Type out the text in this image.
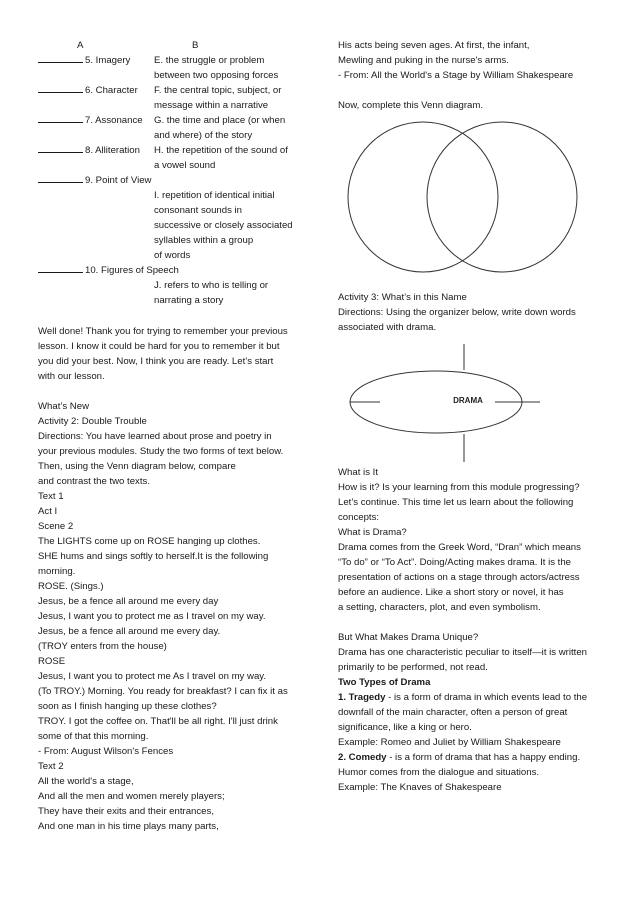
A	B
5. Imagery E. the struggle or problem
between two opposing forces
6. Character F. the central topic, subject, or
message within a narrative
7. Assonance G. the time and place (or when
and where) of the story
8. Alliteration H. the repetition of the sound of
a vowel sound
9. Point of View
I. repetition of identical initial
consonant sounds in
successive or closely associated
syllables within a group
of words
10. Figures of Speech
J. refers to who is telling or
narrating a story
Well done! Thank you for trying to remember your previous
lesson. I know it could be hard for you to remember it but
you did your best. Now, I think you are ready. Let’s start
with our lesson.
What’s New
Activity 2: Double Trouble
Directions: You have learned about prose and poetry in
your previous modules. Study the two forms of text below.
Then, using the Venn diagram below, compare
and contrast the two texts.
Text 1
Act I
Scene 2
The LIGHTS come up on ROSE hanging up clothes.
SHE hums and sings softly to herself.It is the following
morning.
ROSE. (Sings.)
Jesus, be a fence all around me every day
Jesus, I want you to protect me as I travel on my way.
Jesus, be a fence all around me every day.
(TROY enters from the house)
ROSE
Jesus, I want you to protect me As I travel on my way.
(To TROY.) Morning. You ready for breakfast? I can fix it as
soon as I finish hanging up these clothes?
TROY. I got the coffee on. That'll be all right. I'll just drink
some of that this morning.
- From: August Wilson's Fences
Text 2
All the world's a stage,
And all the men and women merely players;
They have their exits and their entrances,
And one man in his time plays many parts,
His acts being seven ages. At first, the infant,
Mewling and puking in the nurse's arms.
- From: All the World's a Stage by William Shakespeare
Now, complete this Venn diagram.
Activity 3: What’s in this Name
Directions: Using the organizer below, write down words
associated with drama.
DRAMA
What is It
How is it? Is your learning from this module progressing?
Let’s continue. This time let us learn about the following
concepts:
What is Drama?
Drama comes from the Greek Word, “Dran” which means
“To do” or “To Act”. Doing/Acting makes drama. It is the
presentation of actions on a stage through actors/actress
before an audience. Like a short story or novel, it has
a setting, characters, plot, and even symbolism.
But What Makes Drama Unique?
Drama has one characteristic peculiar to itself—it is written
primarily to be performed, not read.
Two Types of Drama
1. Tragedy - is a form of drama in which events lead to the
downfall of the main character, often a person of great
significance, like a king or hero.
Example: Romeo and Juliet by William Shakespeare
2. Comedy - is a form of drama that has a happy ending.
Humor comes from the dialogue and situations.
Example: The Knaves of Shakespeare
